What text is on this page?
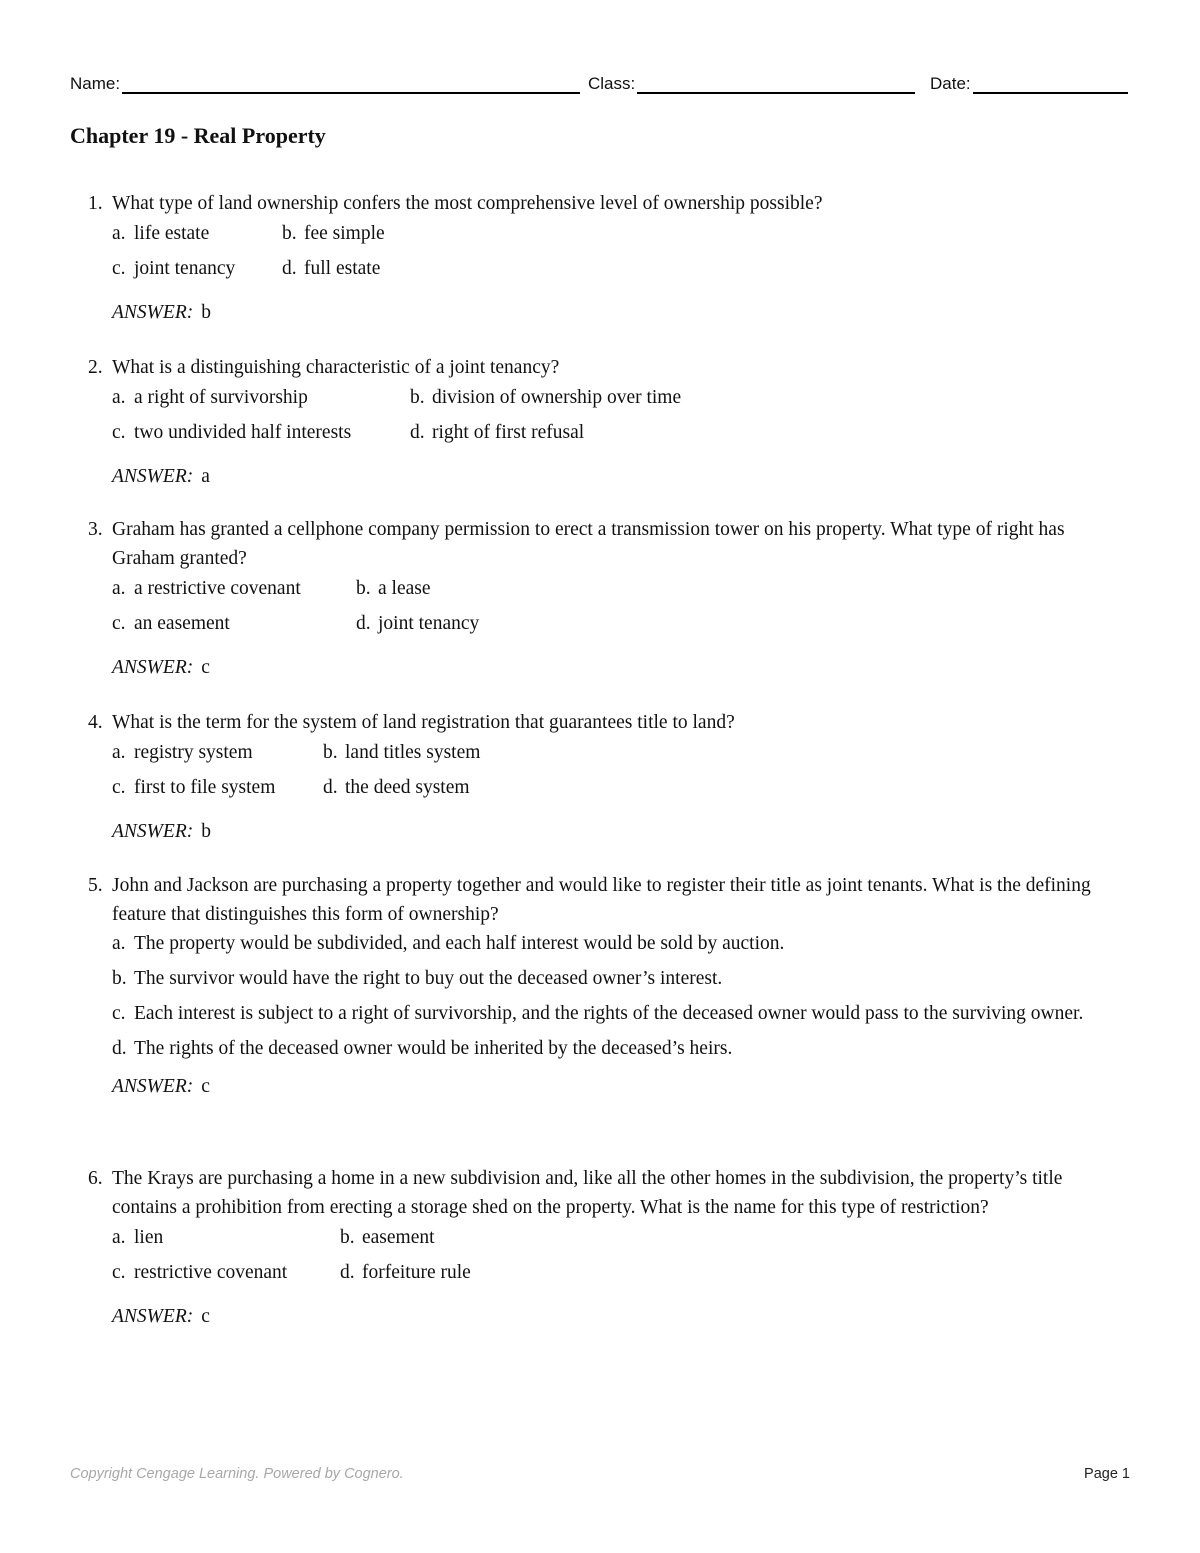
Name:	Class:	Date:
Chapter 19 - Real Property
1. What type of land ownership confers the most comprehensive level of ownership possible?
a. life estate	b. fee simple
c. joint tenancy d. full estate
ANSWER: b
2. What is a distinguishing characteristic of a joint tenancy?
a. a right of survivorship	b. division of ownership over time
c. two undivided half interests	d. right of first refusal
ANSWER: a
3. Graham has granted a cellphone company permission to erect a transmission tower on his property. What type of right has Graham granted?
a. a restrictive covenant	b. a lease
c. an easement	d. joint tenancy
ANSWER: c
4. What is the term for the system of land registration that guarantees title to land?
a. registry system	b. land titles system
c. first to file system d. the deed system
ANSWER: b
5. John and Jackson are purchasing a property together and would like to register their title as joint tenants. What is the defining feature that distinguishes this form of ownership?
a. The property would be subdivided, and each half interest would be sold by auction.
b. The survivor would have the right to buy out the deceased owner’s interest.
c. Each interest is subject to a right of survivorship, and the rights of the deceased owner would pass to the surviving owner.
d. The rights of the deceased owner would be inherited by the deceased’s heirs.
ANSWER: c
6. The Krays are purchasing a home in a new subdivision and, like all the other homes in the subdivision, the property’s title contains a prohibition from erecting a storage shed on the property. What is the name for this type of restriction?
a. lien	b. easement
c. restrictive covenant	d. forfeiture rule
ANSWER: c
Copyright Cengage Learning. Powered by Cognero.	Page 1
